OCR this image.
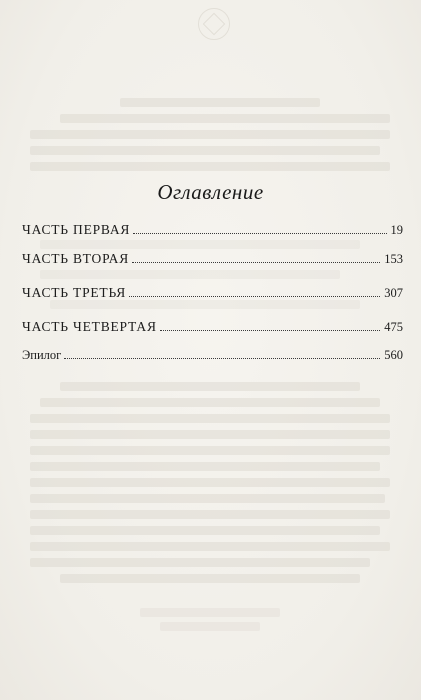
Оглавление
ЧАСТЬ ПЕРВАЯ	19
ЧАСТЬ ВТОРАЯ	153
ЧАСТЬ ТРЕТЬЯ	307
ЧАСТЬ ЧЕТВЕРТАЯ	475
Эпилог	560
